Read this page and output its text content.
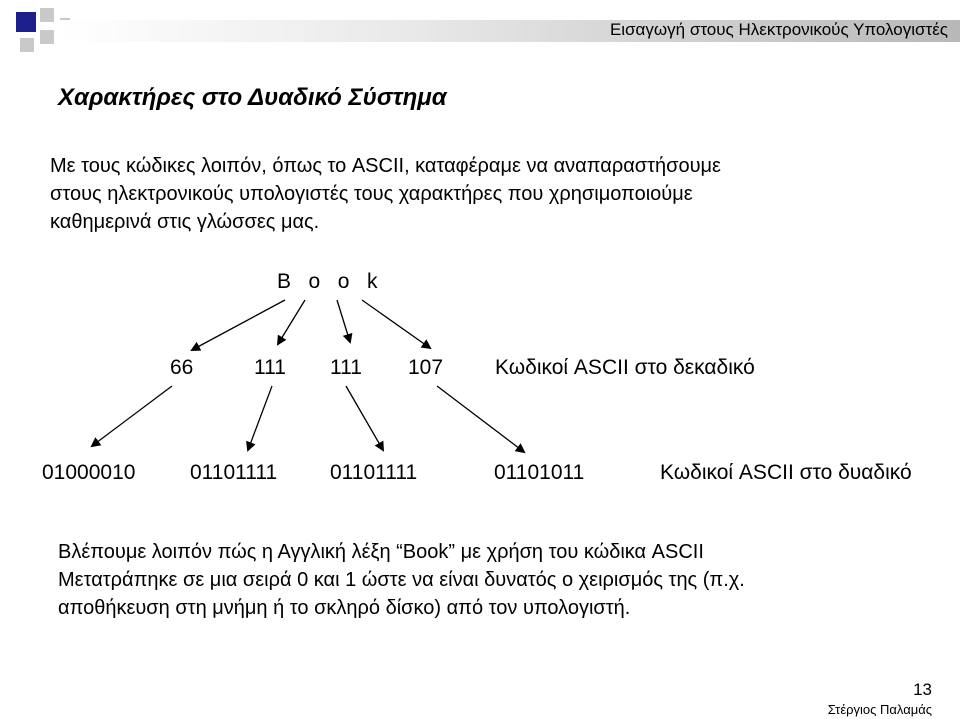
Εισαγωγή στους Ηλεκτρονικούς Υπολογιστές
Χαρακτήρες στο Δυαδικό Σύστημα
Με τους κώδικες λοιπόν, όπως το ASCII, καταφέραμε να αναπαραστήσουμε
στους ηλεκτρονικούς υπολογιστές τους χαρακτήρες που χρησιμοποιούμε
καθημερινά στις γλώσσες μας.
B o o k
66	111 111 107 Κωδικοί ASCII στο δεκαδικό
01000010	01101111	01101111	01101011	Κωδικοί ASCII στο δυαδικό
Βλέπουμε λοιπόν πώς η Αγγλική λέξη “Book” με χρήση του κώδικα ASCII
Μετατράπηκε σε μια σειρά 0 και 1 ώστε να είναι δυνατός ο χειρισμός της (π.χ.
αποθήκευση στη μνήμη ή το σκληρό δίσκο) από τον υπολογιστή.
13
Στέργιος Παλαμάς
